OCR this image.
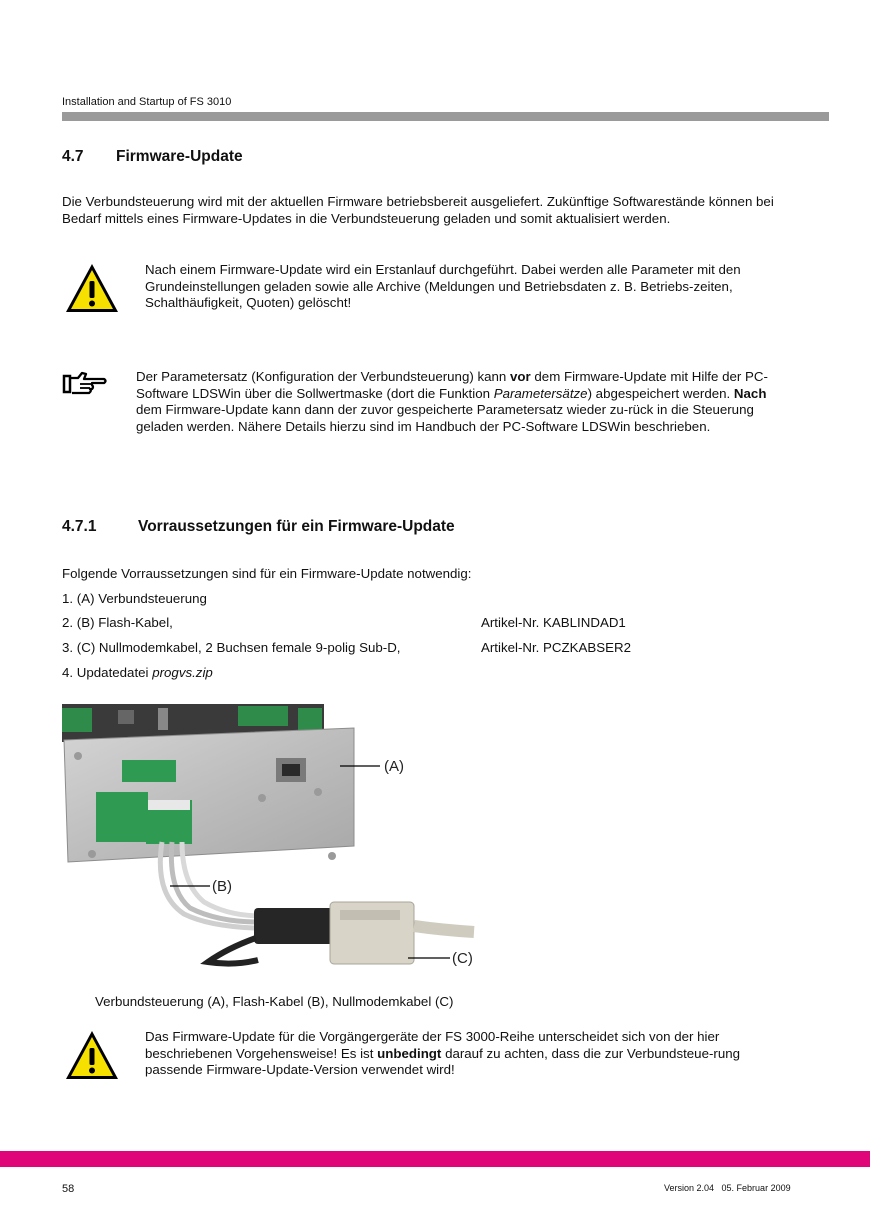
Installation and Startup of FS 3010
4.7 Firmware-Update
Die Verbundsteuerung wird mit der aktuellen Firmware betriebsbereit ausgeliefert. Zukünftige Softwarestände können bei Bedarf mittels eines Firmware-Updates in die Verbundsteuerung geladen und somit aktualisiert werden.
Nach einem Firmware-Update wird ein Erstanlauf durchgeführt. Dabei werden alle Parameter mit den Grundeinstellungen geladen sowie alle Archive (Meldungen und Betriebsdaten z. B. Betriebs-zeiten, Schalthäufigkeit, Quoten) gelöscht!
Der Parametersatz (Konfiguration der Verbundsteuerung) kann vor dem Firmware-Update mit Hilfe der PC-Software LDSWin über die Sollwertmaske (dort die Funktion Parametersätze) abgespeichert werden. Nach dem Firmware-Update kann dann der zuvor gespeicherte Parametersatz wieder zu-rück in die Steuerung geladen werden. Nähere Details hierzu sind im Handbuch der PC-Software LDSWin beschrieben.
4.7.1	Vorraussetzungen für ein Firmware-Update
Folgende Vorraussetzungen sind für ein Firmware-Update notwendig:
1. (A) Verbundsteuerung
2. (B) Flash-Kabel,	Artikel-Nr. KABLINDAD1
3. (C) Nullmodemkabel, 2 Buchsen female 9-polig Sub-D,	Artikel-Nr. PCZKABSER2
4. Updatedatei progvs.zip
(A)
(B)
(C)
Verbundsteuerung (A), Flash-Kabel (B), Nullmodemkabel (C)
Das Firmware-Update für die Vorgängergeräte der FS 3000-Reihe unterscheidet sich von der hier beschriebenen Vorgehensweise! Es ist unbedingt darauf zu achten, dass die zur Verbundsteue-rung passende Firmware-Update-Version verwendet wird!
58	Version 2.04   05. Februar 2009
